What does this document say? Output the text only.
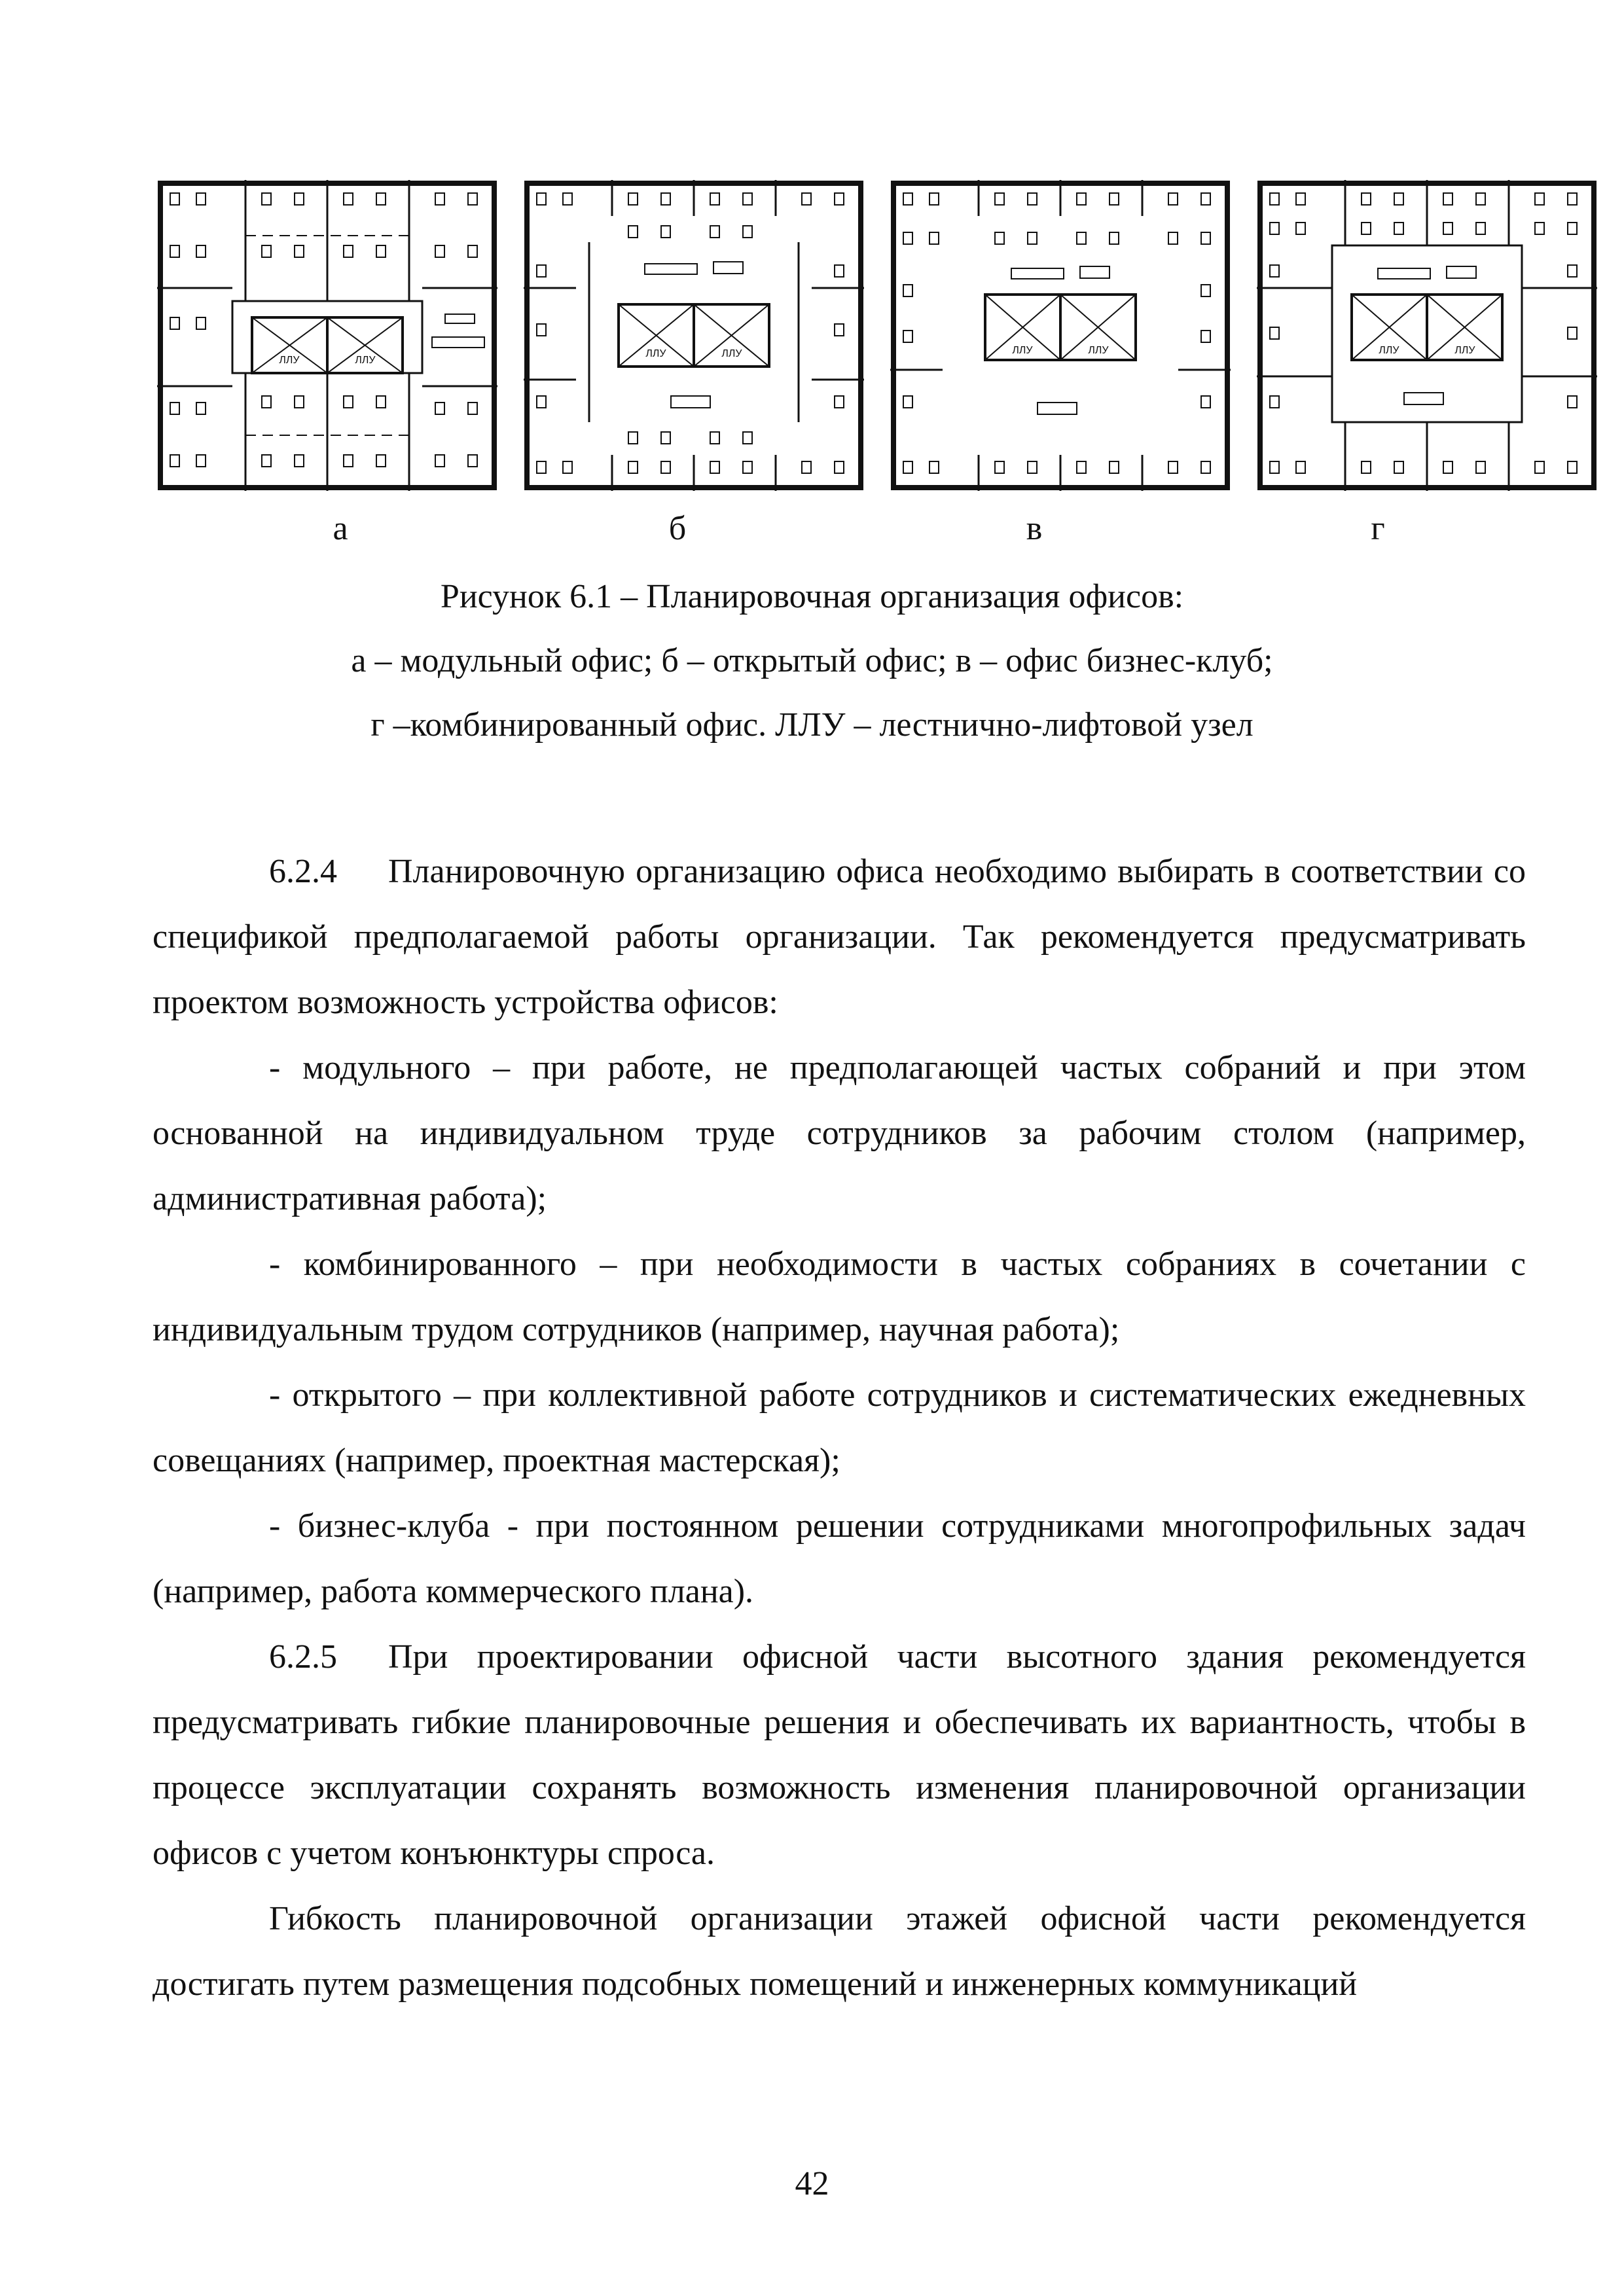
ЛЛУ	ЛЛУ
ЛЛУ	ЛЛУ	ЛЛУ	ЛЛУ	ЛЛУ	ЛЛУ
а	б	в	г
Рисунок 6.1 – Планировочная организация офисов:
а – модульный офис; б – открытый офис; в – офис бизнес-клуб;
г –комбинированный офис. ЛЛУ – лестнично-лифтовой узел

6.2.4 Планировочную организацию офиса необходимо выбирать в соответствии со спецификой предполагаемой работы организации. Так рекомендуется предусматривать проектом возможность устройства офисов:

- модульного – при работе, не предполагающей частых собраний и при этом основанной на индивидуальном труде сотрудников за рабочим столом (например, административная работа);

- комбинированного – при необходимости в частых собраниях в сочетании с индивидуальным трудом сотрудников (например, научная работа);

- открытого – при коллективной работе сотрудников и систематических ежедневных совещаниях (например, проектная мастерская);

- бизнес-клуба - при постоянном решении сотрудниками многопрофильных задач (например, работа коммерческого плана).

6.2.5 При проектировании офисной части высотного здания рекомендуется предусматривать гибкие планировочные решения и обеспечивать их вариантность, чтобы в процессе эксплуатации сохранять возможность изменения планировочной организации офисов с учетом конъюнктуры спроса.

Гибкость планировочной организации этажей офисной части рекомендуется достигать путем размещения подсобных помещений и инженерных коммуникаций

42
